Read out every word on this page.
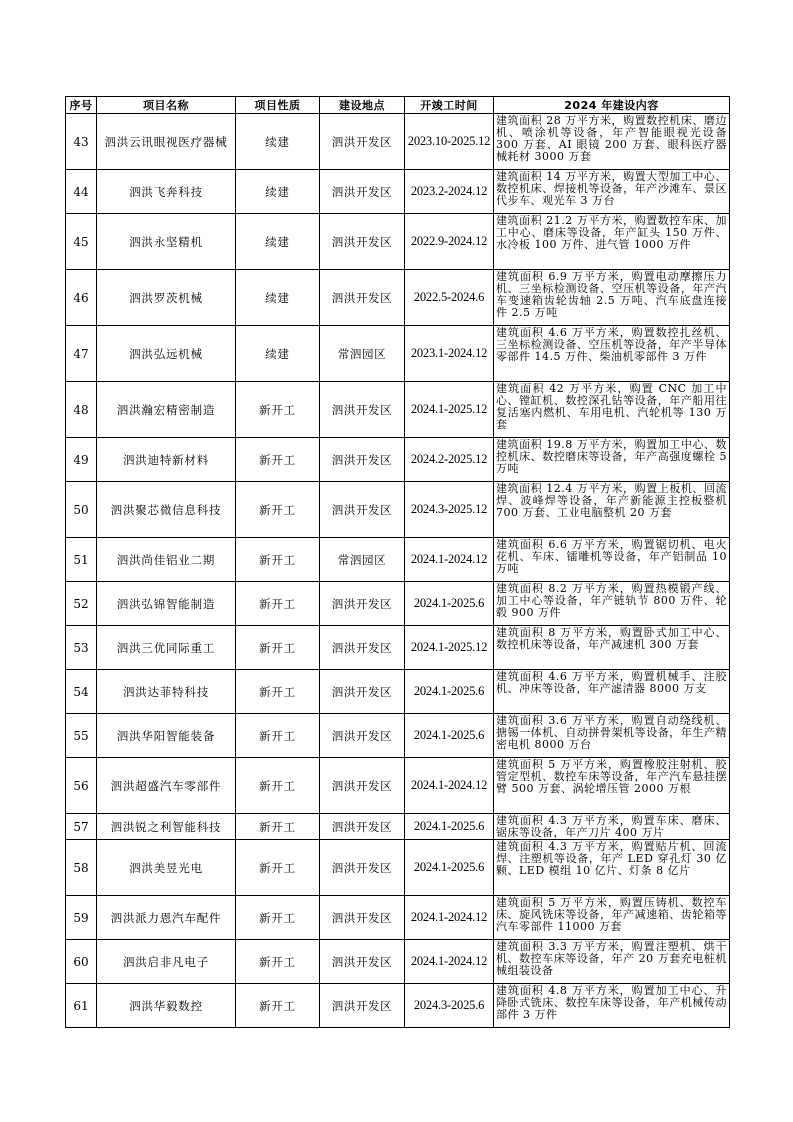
序号	项目名称	项目性质	建设地点	开竣工时间	2024 年建设内容
43	泗洪云讯眼视医疗器械	续建	泗洪开发区	2023.10-2025.12	建筑面积 28 万平方米，购置数控机床、磨边机、喷涂机等设备，年产智能眼视光设备 300 万套、AI 眼镜 200 万套、眼科医疗器械耗材 3000 万套
44	泗洪飞奔科技	续建	泗洪开发区	2023.2-2024.12	建筑面积 14 万平方米，购置大型加工中心、数控机床、焊接机等设备，年产沙滩车、景区代步车、观光车 3 万台
45	泗洪永坚精机	续建	泗洪开发区	2022.9-2024.12	建筑面积 21.2 万平方米，购置数控车床、加工中心、磨床等设备，年产缸头 150 万件、水冷板 100 万件、进气管 1000 万件
46	泗洪罗茨机械	续建	泗洪开发区	2022.5-2024.6	建筑面积 6.9 万平方米，购置电动摩擦压力机、三坐标检测设备、空压机等设备，年产汽车变速箱齿轮齿轴 2.5 万吨、汽车底盘连接件 2.5 万吨
47	泗洪弘远机械	续建	常泗园区	2023.1-2024.12	建筑面积 4.6 万平方米，购置数控扎丝机、三坐标检测设备、空压机等设备，年产半导体零部件 14.5 万件、柴油机零部件 3 万件
48	泗洪瀚宏精密制造	新开工	泗洪开发区	2024.1-2025.12	建筑面积 42 万平方米，购置 CNC 加工中心、镗缸机、数控深孔钻等设备，年产船用往复活塞内燃机、车用电机、汽轮机等 130 万套
49	泗洪迪特新材料	新开工	泗洪开发区	2024.2-2025.12	建筑面积 19.8 万平方米，购置加工中心、数控机床、数控磨床等设备，年产高强度螺栓 5 万吨
50	泗洪聚芯微信息科技	新开工	泗洪开发区	2024.3-2025.12	建筑面积 12.4 万平方米，购置上板机、回流焊、波峰焊等设备，年产新能源主控板整机 700 万套、工业电脑整机 20 万套
51	泗洪尚佳铝业二期	新开工	常泗园区	2024.1-2024.12	建筑面积 6.6 万平方米，购置锯切机、电火花机、车床、镭雕机等设备，年产铝制品 10 万吨
52	泗洪弘锦智能制造	新开工	泗洪开发区	2024.1-2025.6	建筑面积 8.2 万平方米，购置热模锻产线、加工中心等设备，年产链轨节 800 万件、轮毂 900 万件
53	泗洪三优同际重工	新开工	泗洪开发区	2024.1-2025.12	建筑面积 8 万平方米，购置卧式加工中心、数控机床等设备，年产减速机 300 万套
54	泗洪达菲特科技	新开工	泗洪开发区	2024.1-2025.6	建筑面积 4.6 万平方米，购置机械手、注胶机、冲床等设备，年产滤清器 8000 万支
55	泗洪华阳智能装备	新开工	泗洪开发区	2024.1-2025.6	建筑面积 3.6 万平方米，购置自动绕线机、搪锡一体机、自动拼骨架机等设备，年生产精密电机 8000 万台
56	泗洪超盛汽车零部件	新开工	泗洪开发区	2024.1-2024.12	建筑面积 5 万平方米，购置橡胶注射机、胶管定型机、数控车床等设备，年产汽车悬挂摆臂 500 万套、涡轮增压管 2000 万根
57	泗洪锐之利智能科技	新开工	泗洪开发区	2024.1-2025.6	建筑面积 4.3 万平方米，购置车床、磨床、锯床等设备，年产刀片 400 万片
58	泗洪美昱光电	新开工	泗洪开发区	2024.1-2025.6	建筑面积 4.3 万平方米，购置贴片机、回流焊、注塑机等设备，年产 LED 穿孔灯 30 亿颗、LED 模组 10 亿片、灯条 8 亿片
59	泗洪派力恩汽车配件	新开工	泗洪开发区	2024.1-2024.12	建筑面积 5 万平方米，购置压铸机、数控车床、旋风铣床等设备，年产减速箱、齿轮箱等汽车零部件 11000 万套
60	泗洪启非凡电子	新开工	泗洪开发区	2024.1-2024.12	建筑面积 3.3 万平方米，购置注塑机、烘干机、数控车床等设备，年产 20 万套充电桩机械组装设备
61	泗洪华毅数控	新开工	泗洪开发区	2024.3-2025.6	建筑面积 4.8 万平方米，购置加工中心、升降卧式铣床、数控车床等设备，年产机械传动部件 3 万件
